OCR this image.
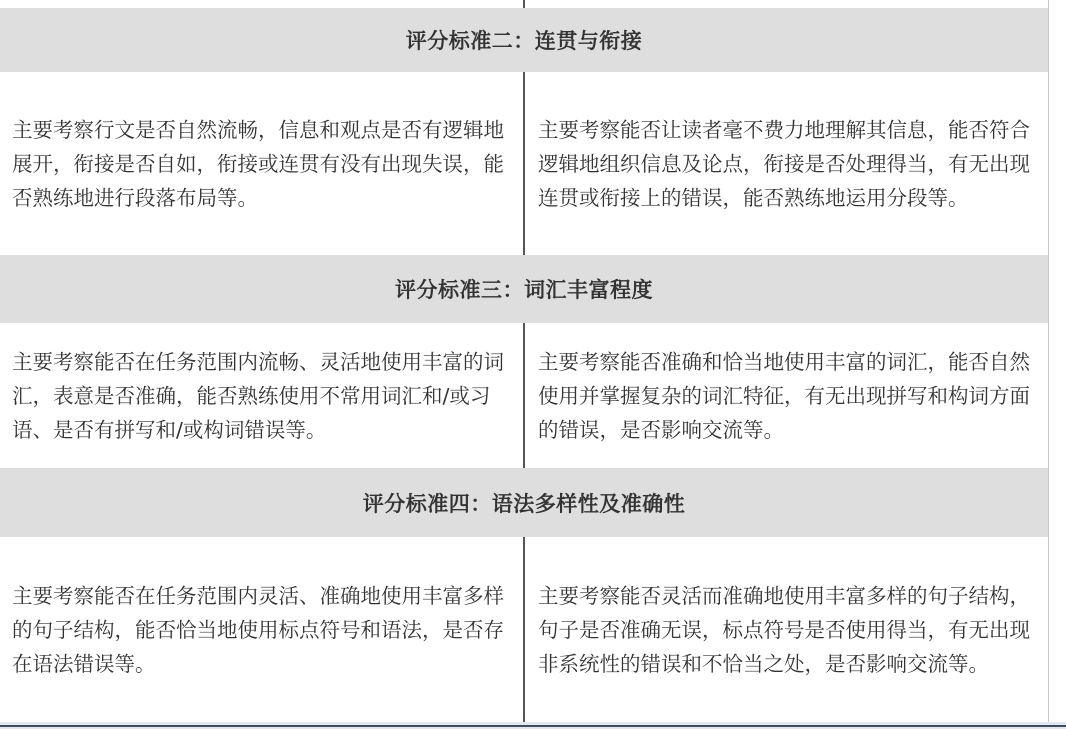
评分标准二：连贯与衔接

主要考察行文是否自然流畅，信息和观点是否有逻辑地展开，衔接是否自如，衔接或连贯有没有出现失误，能否熟练地进行段落布局等。

主要考察能否让读者毫不费力地理解其信息，能否符合逻辑地组织信息及论点，衔接是否处理得当，有无出现连贯或衔接上的错误，能否熟练地运用分段等。

评分标准三：词汇丰富程度

主要考察能否在任务范围内流畅、灵活地使用丰富的词汇，表意是否准确，能否熟练使用不常用词汇和/或习语、是否有拼写和/或构词错误等。

主要考察能否准确和恰当地使用丰富的词汇，能否自然使用并掌握复杂的词汇特征，有无出现拼写和构词方面的错误，是否影响交流等。

评分标准四：语法多样性及准确性

主要考察能否在任务范围内灵活、准确地使用丰富多样的句子结构，能否恰当地使用标点符号和语法，是否存在语法错误等。

主要考察能否灵活而准确地使用丰富多样的句子结构，句子是否准确无误，标点符号是否使用得当，有无出现非系统性的错误和不恰当之处，是否影响交流等。
